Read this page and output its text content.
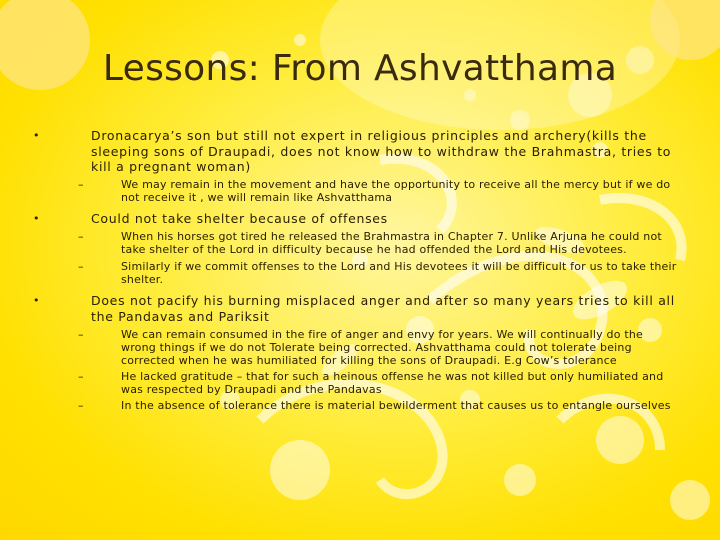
Lessons: From Ashvatthama
•	Dronacarya’s son but still not expert in religious principles and archery(kills the sleeping sons of Draupadi, does not know how to withdraw the Brahmastra, tries to kill a pregnant woman)
–	We may remain in the movement and have the opportunity to receive all the mercy but if we do not receive it , we will remain like Ashvatthama
•	Could not take shelter because of offenses
–	When his horses got tired he released the Brahmastra in Chapter 7. Unlike Arjuna he could not take shelter of the Lord in difficulty because he had offended the Lord and His devotees.
–	Similarly if we commit offenses to the Lord and His devotees it will be difficult for us to take their shelter.
•	Does not pacify his burning misplaced anger and after so many years tries to kill all the Pandavas and Pariksit
–	We can remain consumed in the fire of anger and envy for years. We will continually do the wrong things if we do not Tolerate being corrected. Ashvatthama could not tolerate being corrected when he was humiliated for killing the sons of Draupadi. E.g Cow’s tolerance
–	He lacked gratitude – that for such a heinous offense he was not killed but only humiliated and was respected by Draupadi and the Pandavas
–	In the absence of tolerance there is material bewilderment that causes us to entangle ourselves
